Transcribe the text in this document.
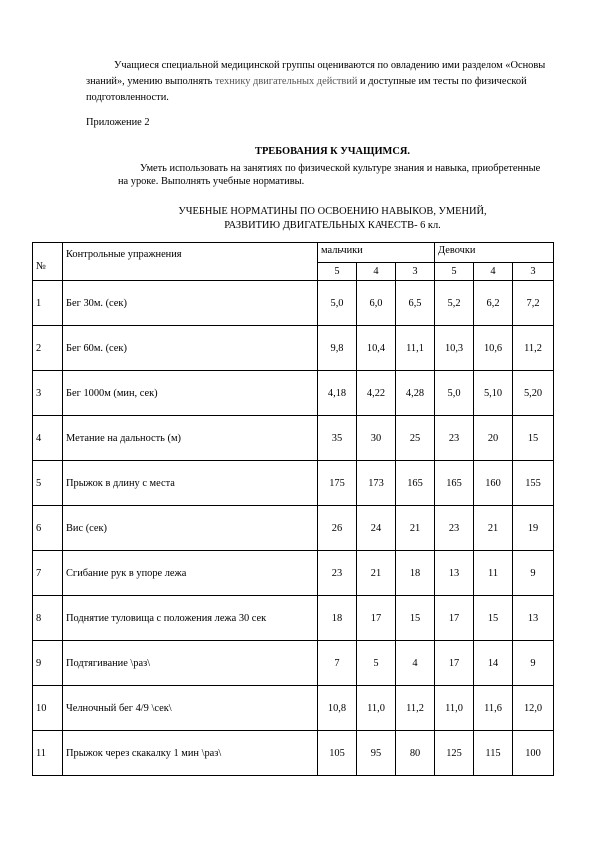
Учащиеся специальной медицинской группы оцениваются по овладению ими разделом «Основы знаний», умению выполнять технику двигательных действий и доступные им тесты по физической подготовленности.

Приложение 2
ТРЕБОВАНИЯ К УЧАЩИМСЯ.

Уметь использовать на занятиях по физической культуре знания и навыка, приобретенные на уроке. Выполнять учебные нормативы.

УЧЕБНЫЕ НОРМАТИНЫ ПО ОСВОЕНИЮ НАВЫКОВ, УМЕНИЙ,
РАЗВИТИЮ ДВИГАТЕЛЬНЫХ КАЧЕСТВ- 6 кл.
№	Контрольные упражнения	мальчики			Девочки		
		5	4	3	5	4	3
1	Бег 30м. (сек)	5,0	6,0	6,5	5,2	6,2	7,2
2	Бег 60м. (сек)	9,8	10,4	11,1	10,3	10,6	11,2
3	Бег 1000м (мин, сек)	4,18	4,22	4,28	5,0	5,10	5,20
4	Метание на дальность (м)	35	30	25	23	20	15
5	Прыжок в длину с места	175	173	165	165	160	155
6	Вис (сек)	26	24	21	23	21	19
7	Сгибание рук в упоре лежа	23	21	18	13	11	9
8	Поднятие туловища с положения лежа 30 сек	18	17	15	17	15	13
9	Подтягивание \раз\	7	5	4	17	14	9
10	Челночный бег 4/9 \сек\	10,8	11,0	11,2	11,0	11,6	12,0
11	Прыжок через скакалку 1 мин \раз\	105	95	80	125	115	100
